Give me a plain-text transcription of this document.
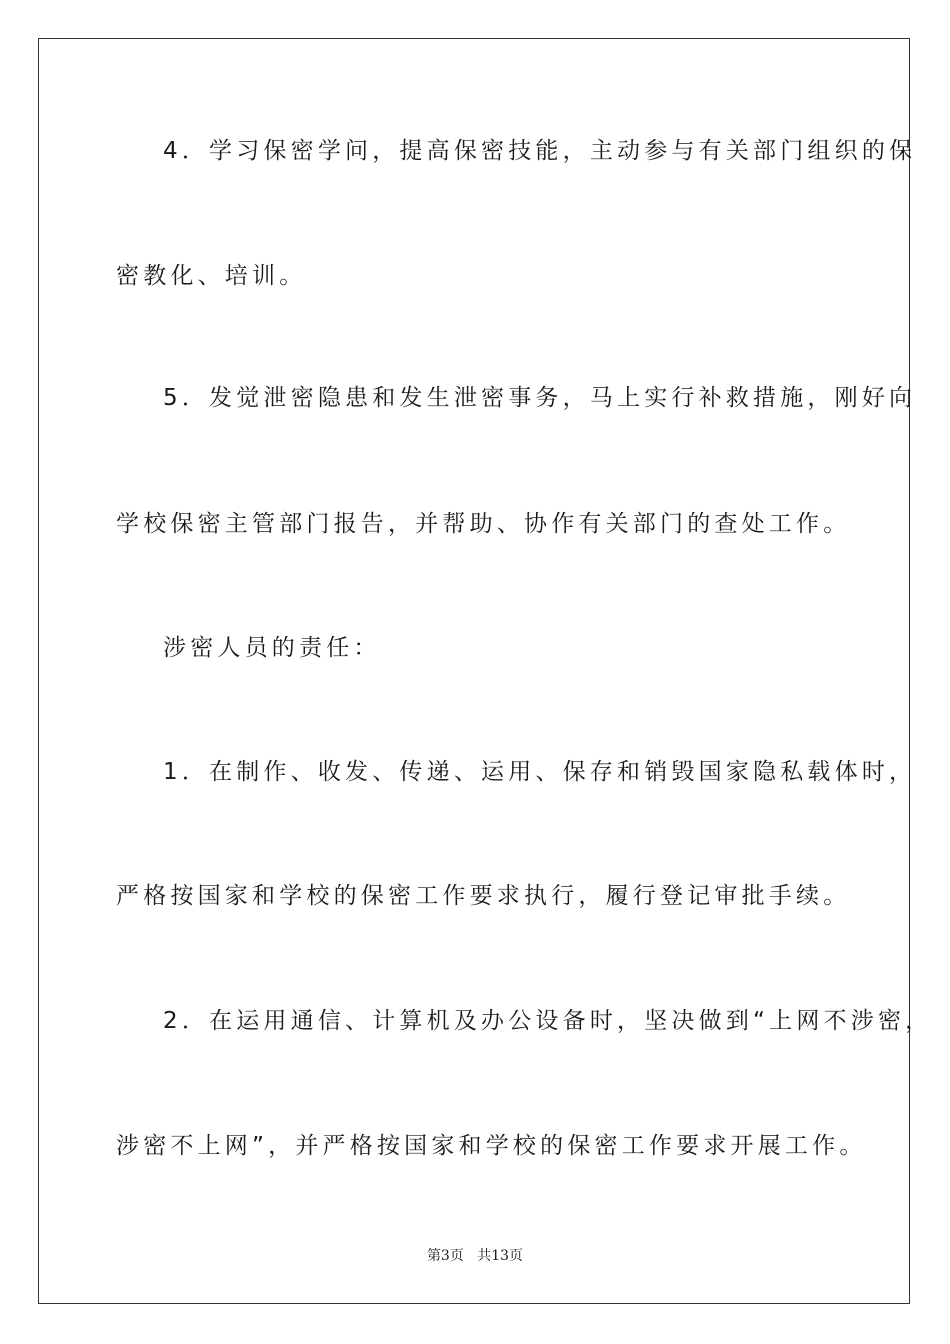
4．学习保密学问，提高保密技能，主动参与有关部门组织的保
密教化、培训。
5．发觉泄密隐患和发生泄密事务，马上实行补救措施，刚好向
学校保密主管部门报告，并帮助、协作有关部门的查处工作。
涉密人员的责任：
1．在制作、收发、传递、运用、保存和销毁国家隐私载体时，
严格按国家和学校的保密工作要求执行，履行登记审批手续。
2．在运用通信、计算机及办公设备时，坚决做到“上网不涉密，
涉密不上网”，并严格按国家和学校的保密工作要求开展工作。
第3页 共13页
